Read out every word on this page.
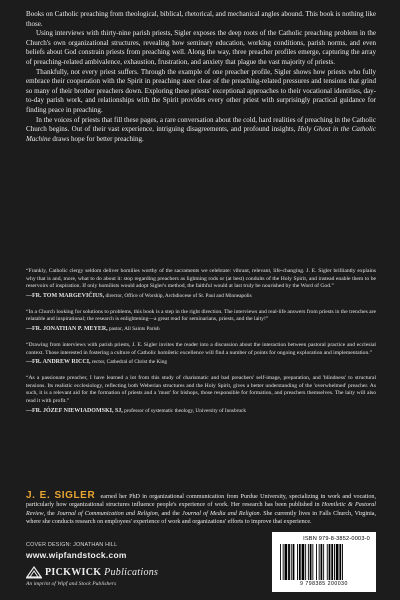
Books on Catholic preaching from theological, biblical, rhetorical, and mechanical angles abound. This book is nothing like those.

Using interviews with thirty-nine parish priests, Sigler exposes the deep roots of the Catholic preaching problem in the Church's own organizational structures, revealing how seminary education, working conditions, parish norms, and even beliefs about God constrain priests from preaching well. Along the way, three preacher profiles emerge, capturing the array of preaching-related ambivalence, exhaustion, frustration, and anxiety that plague the vast majority of priests.

Thankfully, not every priest suffers. Through the example of one preacher profile, Sigler shows how priests who fully embrace their cooperation with the Spirit in preaching steer clear of the preaching-related pressures and tensions that grind so many of their brother preachers down. Exploring these priests' exceptional approaches to their vocational identities, day-to-day parish work, and relationships with the Spirit provides every other priest with surprisingly practical guidance for finding peace in preaching.

In the voices of priests that fill these pages, a rare conversation about the cold, hard realities of preaching in the Catholic Church begins. Out of their vast experience, intriguing disagreements, and profound insights, Holy Ghost in the Catholic Machine draws hope for better preaching.

“Frankly, Catholic clergy seldom deliver homilies worthy of the sacraments we celebrate: vibrant, relevant, life-changing. J. E. Sigler brilliantly explains why that is and, more, what to do about it: stop regarding preachers as lightning rods or (at best) conduits of the Holy Spirit, and instead enable them to be reservoirs of inspiration. If only homilists would adopt Sigler's method, the faithful would at last truly be nourished by the Word of God.”
—FR. TOM MARGEVIČIUS, director, Office of Worship, Archdiocese of St. Paul and Minneapolis
“In a Church looking for solutions to problems, this book is a step in the right direction. The interviews and real-life answers from priests in the trenches are relatable and inspirational; the research is enlightening—a great read for seminarians, priests, and the laity!”
—FR. JONATHAN P. MEYER, pastor, All Saints Parish
“Drawing from interviews with parish priests, J. E. Sigler invites the reader into a discussion about the interaction between pastoral practice and ecclesial context. Those interested in fostering a culture of Catholic homiletic excellence will find a number of points for ongoing exploration and implementation.”
—FR. ANDREW RICCI, rector, Cathedral of Christ the King
“As a passionate preacher, I have learned a lot from this study of charismatic and bad preachers' self-image, preparation, and 'blindness' to structural tensions. Its realistic ecclesiology, reflecting both Weberian structures and the Holy Spirit, gives a better understanding of the 'overwhelmed' preacher. As such, it is a relevant aid for the formation of priests and a 'must' for bishops, those responsible for formation, and preachers themselves. The laity will also read it with profit.”
—FR. JÓZEF NIEWIADOMSKI, SJ, professor of systematic theology, University of Innsbruck
J. E. SIGLER earned her PhD in organizational communication from Purdue University, specializing in work and vocation, particularly how organizational structures influence people's experience of work. Her research has been published in Homiletic & Pastoral Review, the Journal of Communication and Religion, and the Journal of Media and Religion. She currently lives in Falls Church, Virginia, where she conducts research on employees' experience of work and organizations' efforts to improve that experience.
COVER DESIGN: JONATHAN HILL
www.wipfandstock.com
PICKWICK Publications
An imprint of Wipf and Stock Publishers
ISBN 979-8-3852-0003-0
9 798385 200030
